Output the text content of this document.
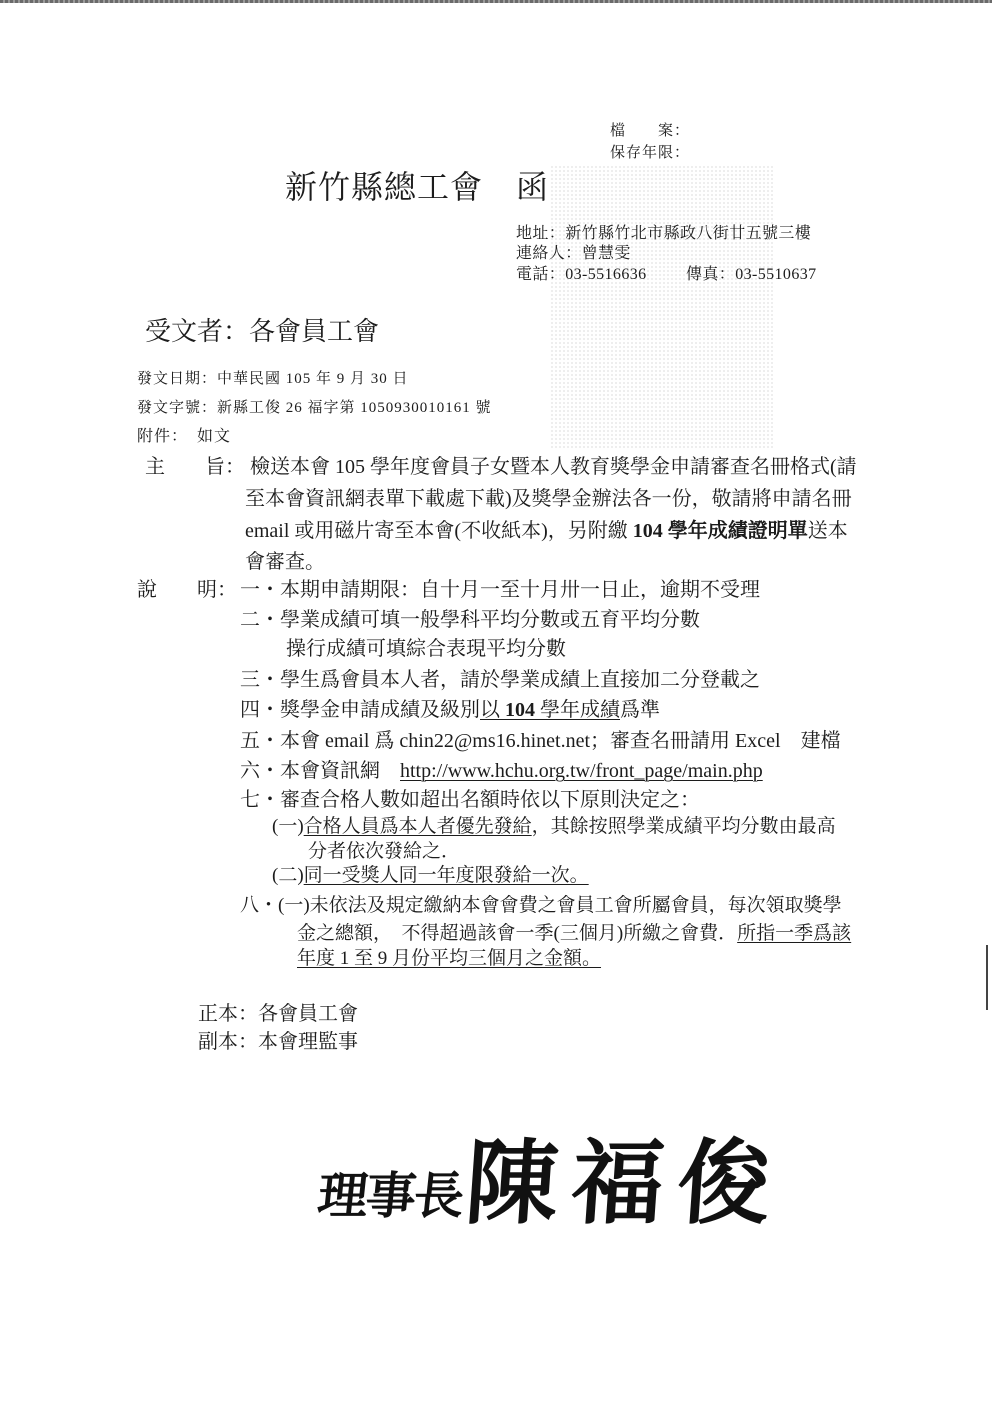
檔　　案：
保存年限：
新竹縣總工會　函
地址：新竹縣竹北市縣政八街廿五號三樓
連絡人：曾慧雯
電話：03-5516636 傳真：03-5510637
受文者：各會員工會
發文日期：中華民國 105 年 9 月 30 日
發文字號：新縣工俊 26 福字第 1050930010161 號
附件：　如文
主　　旨： 檢送本會 105 學年度會員子女暨本人教育獎學金申請審查名冊格式(請
至本會資訊網表單下載處下載)及獎學金辦法各一份，敬請將申請名冊
email 或用磁片寄至本會(不收紙本)，另附繳 104 學年成績證明單送本
會審查。
說　　明： 一・本期申請期限：自十月一至十月卅一日止，逾期不受理
二・學業成績可填一般學科平均分數或五育平均分數
操行成績可填綜合表現平均分數
三・學生爲會員本人者，請於學業成績上直接加二分登載之
四・獎學金申請成績及級別以 104 學年成績爲準
五・本會 email 爲 chin22@ms16.hinet.net；審查名冊請用 Excel　建檔
六・本會資訊網　http://www.hchu.org.tw/front_page/main.php
七・審查合格人數如超出名額時依以下原則決定之：
(一)合格人員爲本人者優先發給，其餘按照學業成績平均分數由最高
分者依次發給之．
(二)同一受獎人同一年度限發給一次。
八・(一)未依法及規定繳納本會會費之會員工會所屬會員，每次領取獎學
金之總額，　不得超過該會一季(三個月)所繳之會費．所指一季爲該
年度 1 至 9 月份平均三個月之金額。
正本：各會員工會
副本：本會理監事
理事長
陳福俊
